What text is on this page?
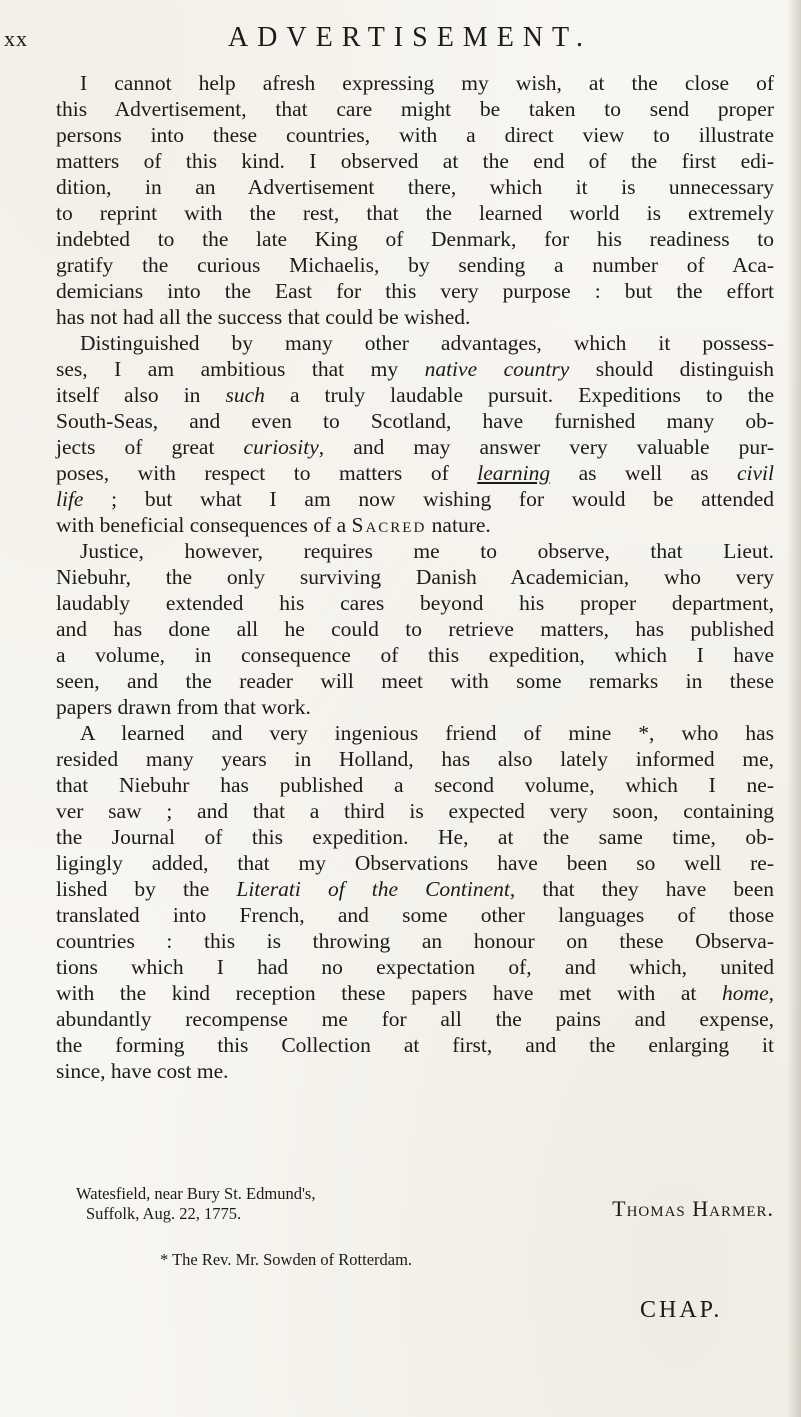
xx	ADVERTISEMENT.
I cannot help afresh expressing my wish, at the close of
this Advertisement, that care might be taken to send proper
persons into these countries, with a direct view to illustrate
matters of this kind. I observed at the end of the first edi-
dition, in an Advertisement there, which it is unnecessary
to reprint with the rest, that the learned world is extremely
indebted to the late King of Denmark, for his readiness to
gratify the curious Michaelis, by sending a number of Aca-
demicians into the East for this very purpose : but the effort
has not had all the success that could be wished.
Distinguished by many other advantages, which it possess-
ses, I am ambitious that my native country should distinguish
itself also in such a truly laudable pursuit. Expeditions to the
South-Seas, and even to Scotland, have furnished many ob-
jects of great curiosity, and may answer very valuable pur-
poses, with respect to matters of learning as well as civil
life ; but what I am now wishing for would be attended
with beneficial consequences of a Sacred nature.
Justice, however, requires me to observe, that Lieut.
Niebuhr, the only surviving Danish Academician, who very
laudably extended his cares beyond his proper department,
and has done all he could to retrieve matters, has published
a volume, in consequence of this expedition, which I have
seen, and the reader will meet with some remarks in these
papers drawn from that work.
A learned and very ingenious friend of mine *, who has
resided many years in Holland, has also lately informed me,
that Niebuhr has published a second volume, which I ne-
ver saw ; and that a third is expected very soon, containing
the Journal of this expedition. He, at the same time, ob-
ligingly added, that my Observations have been so well re-
lished by the Literati of the Continent, that they have been
translated into French, and some other languages of those
countries : this is throwing an honour on these Observa-
tions which I had no expectation of, and which, united
with the kind reception these papers have met with at home,
abundantly recompense me for all the pains and expense,
the forming this Collection at first, and the enlarging it
since, have cost me.
Watesfield, near Bury St. Edmund's,
Suffolk, Aug. 22, 1775.	Thomas Harmer.
* The Rev. Mr. Sowden of Rotterdam.
CHAP.
